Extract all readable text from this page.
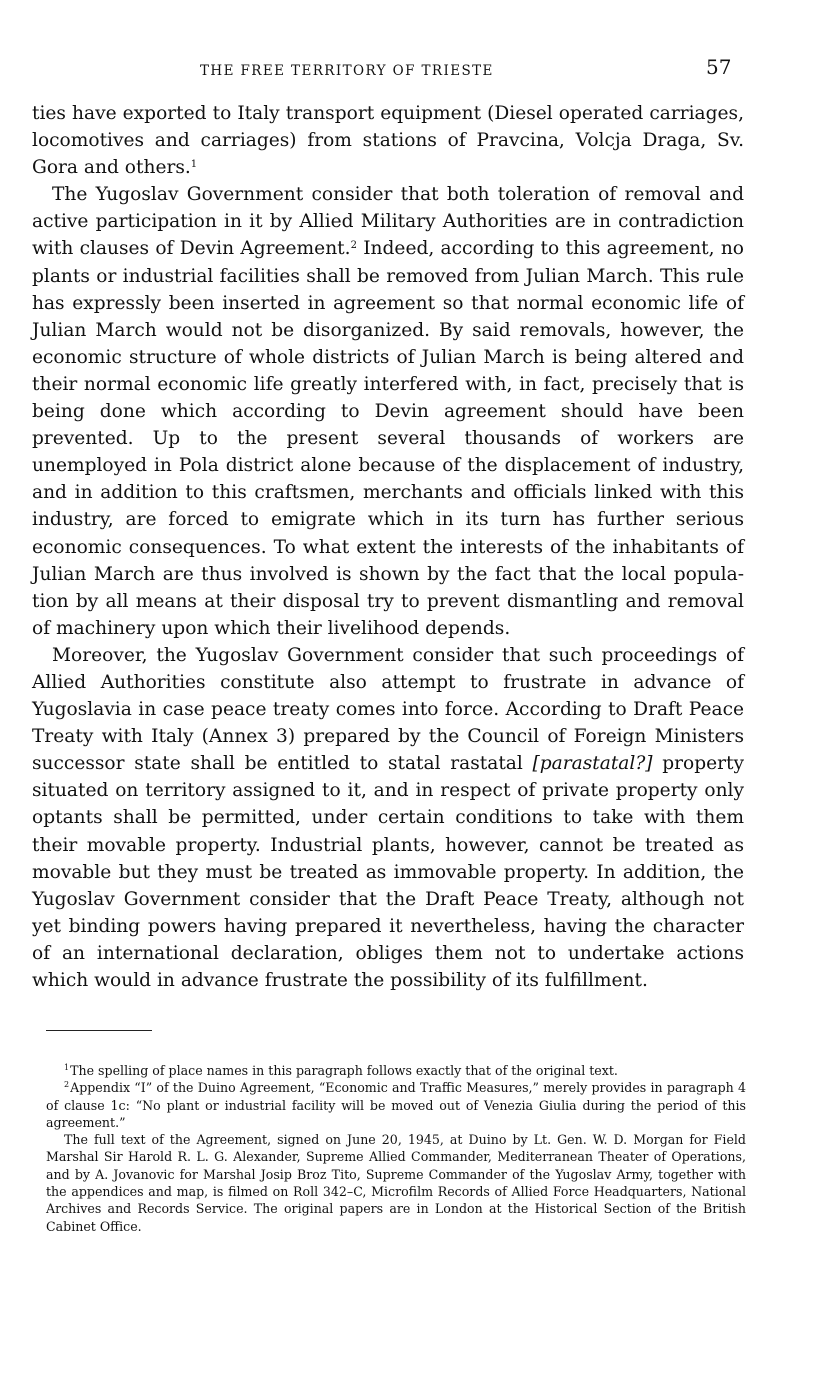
THE FREE TERRITORY OF TRIESTE	57

ties have exported to Italy transport equipment (Diesel operated carriages, locomotives and carriages) from stations of Pravcina, Volcja Draga, Sv. Gora and others.$^1$

The Yugoslav Government consider that both toleration of removal and active participation in it by Allied Military Authorities are in contradiction with clauses of Devin Agreement.$^2$ Indeed, according to this agreement, no plants or industrial facilities shall be removed from Julian March. This rule has expressly been inserted in agreement so that normal economic life of Julian March would not be disorganized. By said removals, however, the economic structure of whole districts of Julian March is being altered and their normal economic life greatly interfered with, in fact, precisely that is being done which according to Devin agreement should have been prevented. Up to the present several thousands of workers are unemployed in Pola district alone because of the displacement of industry, and in addition to this craftsmen, merchants and officials linked with this industry, are forced to emigrate which in its turn has further serious economic consequences. To what extent the interests of the inhabitants of Julian March are thus involved is shown by the fact that the local population by all means at their disposal try to prevent dismantling and removal of machinery upon which their livelihood depends.

Moreover, the Yugoslav Government consider that such proceedings of Allied Authorities constitute also attempt to frustrate in advance of Yugoslavia in case peace treaty comes into force. According to Draft Peace Treaty with Italy (Annex 3) prepared by the Council of Foreign Ministers successor state shall be entitled to statal rastatal [parastatal?] property situated on territory assigned to it, and in respect of private property only optants shall be permitted, under certain conditions to take with them their movable property. Industrial plants, however, cannot be treated as movable but they must be treated as immovable property. In addition, the Yugoslav Government consider that the Draft Peace Treaty, although not yet binding powers having prepared it nevertheless, having the character of an international declaration, obliges them not to undertake actions which would in advance frustrate the possibility of its fulfillment.

$^1$The spelling of place names in this paragraph follows exactly that of the original text.

$^2$Appendix “I” of the Duino Agreement, “Economic and Traffic Measures,” merely provides in paragraph 4 of clause 1c: “No plant or industrial facility will be moved out of Venezia Giulia during the period of this agreement.”

The full text of the Agreement, signed on June 20, 1945, at Duino by Lt. Gen. W. D. Morgan for Field Marshal Sir Harold R. L. G. Alexander, Supreme Allied Commander, Mediterranean Theater of Operations, and by A. Jovanovic for Marshal Josip Broz Tito, Supreme Commander of the Yugoslav Army, together with the appendices and map, is filmed on Roll 342–C, Microfilm Records of Allied Force Headquarters, National Archives and Records Service. The original papers are in London at the Historical Section of the British Cabinet Office.
